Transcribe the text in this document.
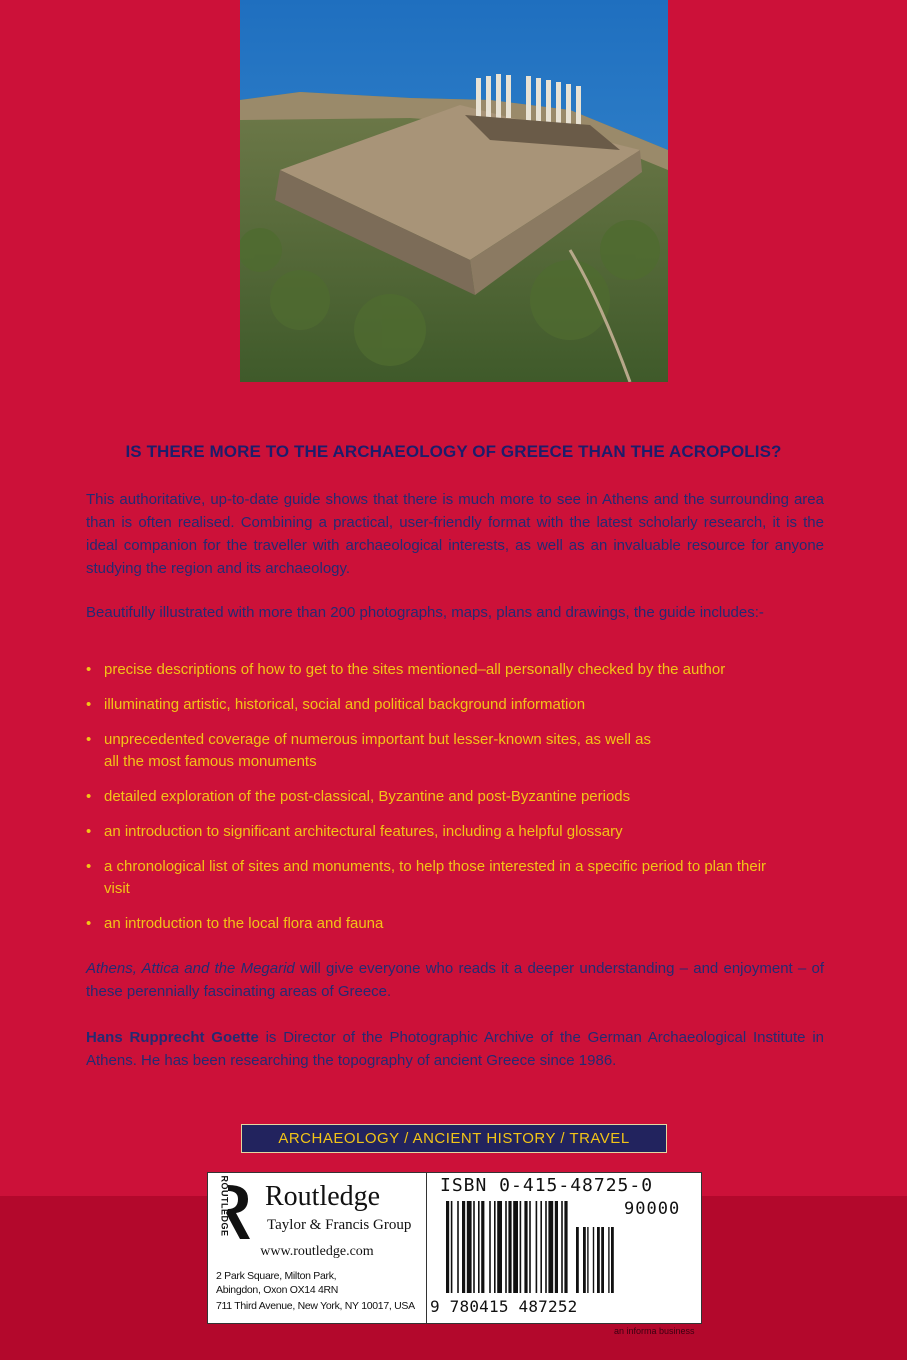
IS THERE MORE TO THE ARCHAEOLOGY OF GREECE THAN THE ACROPOLIS?

This authoritative, up-to-date guide shows that there is much more to see in Athens and the surrounding area than is often realised. Combining a practical, user-friendly format with the latest scholarly research, it is the ideal companion for the traveller with archaeological interests, as well as an invaluable resource for anyone studying the region and its archaeology.

Beautifully illustrated with more than 200 photographs, maps, plans and drawings, the guide includes:-

• precise descriptions of how to get to the sites mentioned–all personally checked by the author
• illuminating artistic, historical, social and political background information
• unprecedented coverage of numerous important but lesser-known sites, as well as all the most famous monuments
• detailed exploration of the post-classical, Byzantine and post-Byzantine periods
• an introduction to significant architectural features, including a helpful glossary
• a chronological list of sites and monuments, to help those interested in a specific period to plan their visit
• an introduction to the local flora and fauna

Athens, Attica and the Megarid will give everyone who reads it a deeper understanding – and enjoyment – of these perennially fascinating areas of Greece.

Hans Rupprecht Goette is Director of the Photographic Archive of the German Archaeological Institute in Athens. He has been researching the topography of ancient Greece since 1986.

ARCHAEOLOGY / ANCIENT HISTORY / TRAVEL
ROUTLEDGE Routledge
Taylor & Francis Group
www.routledge.com
2 Park Square, Milton Park,
Abingdon, Oxon OX14 4RN
711 Third Avenue, New York, NY 10017, USA
ISBN 0-415-48725-0
90000
9 780415 487252
an informa business
